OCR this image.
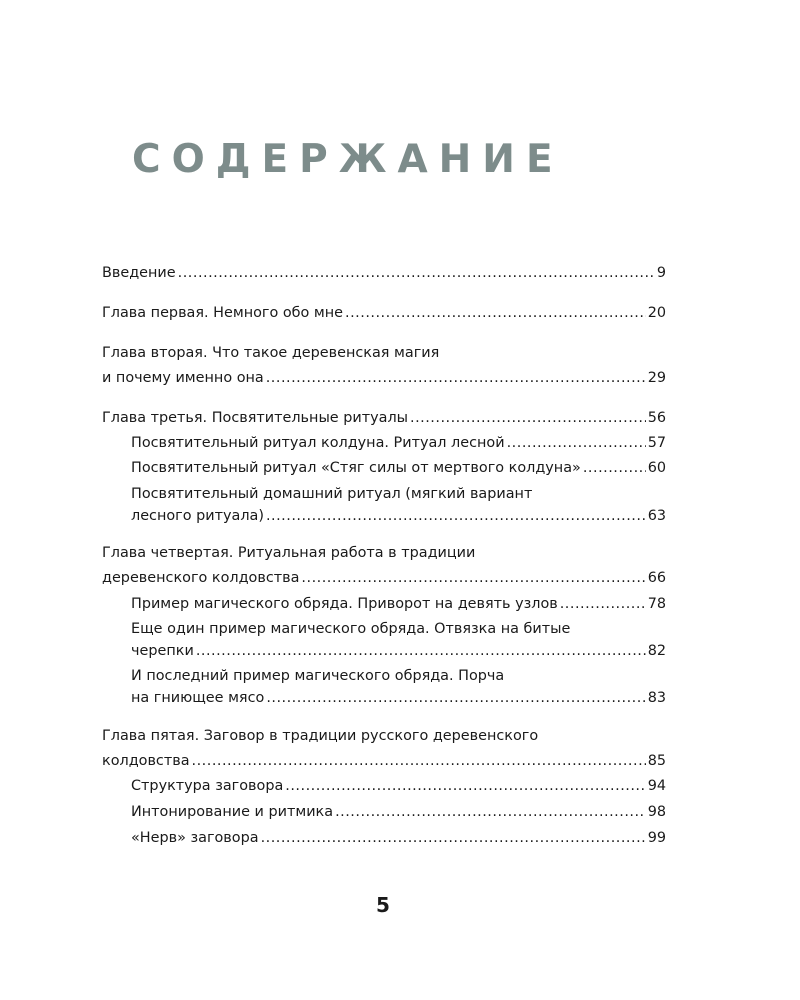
СОДЕРЖАНИЕ
Введение .....	9
Глава первая. Немного обо мне .....	20
Глава вторая. Что такое деревенская магия
и почему именно она .....	29
Глава третья. Посвятительные ритуалы .....	56
Посвятительный ритуал колдуна. Ритуал лесной .....	57
Посвятительный ритуал «Стяг силы от мертвого колдуна» .....	60
Посвятительный домашний ритуал (мягкий вариант
лесного ритуала) .....	63
Глава четвертая. Ритуальная работа в традиции
деревенского колдовства .....	66
Пример магического обряда. Приворот на девять узлов .....	78
Еще один пример магического обряда. Отвязка на битые
черепки .....	82
И последний пример магического обряда. Порча
на гниющее мясо .....	83
Глава пятая. Заговор в традиции русского деревенского
колдовства .....	85
Структура заговора .....	94
Интонирование и ритмика .....	98
«Нерв» заговора .....	99
5
